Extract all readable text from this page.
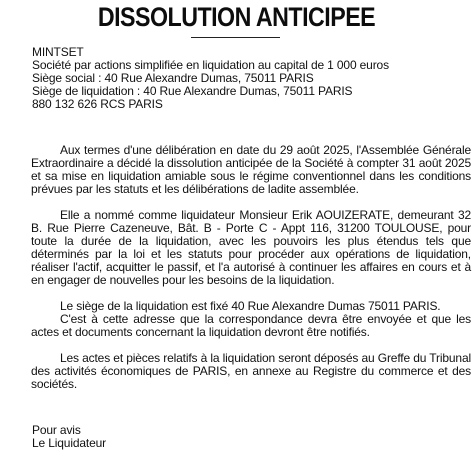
DISSOLUTION ANTICIPEE
MINTSET
Société par actions simplifiée en liquidation au capital de 1 000 euros
Siège social : 40 Rue Alexandre Dumas, 75011 PARIS
Siège de liquidation : 40 Rue Alexandre Dumas, 75011 PARIS
880 132 626 RCS PARIS

Aux termes d'une délibération en date du 29 août 2025, l'Assemblée Générale Extraordinaire a décidé la dissolution anticipée de la Société à compter 31 août 2025 et sa mise en liquidation amiable sous le régime conventionnel dans les conditions prévues par les statuts et les délibérations de ladite assemblée.

Elle a nommé comme liquidateur Monsieur Erik AOUIZERATE, demeurant 32 B. Rue Pierre Cazeneuve, Bât. B - Porte C - Appt 116, 31200 TOULOUSE, pour toute la durée de la liquidation, avec les pouvoirs les plus étendus tels que déterminés par la loi et les statuts pour procéder aux opérations de liquidation, réaliser l'actif, acquitter le passif, et l'a autorisé à continuer les affaires en cours et à en engager de nouvelles pour les besoins de la liquidation.

Le siège de la liquidation est fixé 40 Rue Alexandre Dumas 75011 PARIS.

C'est à cette adresse que la correspondance devra être envoyée et que les actes et documents concernant la liquidation devront être notifiés.

Les actes et pièces relatifs à la liquidation seront déposés au Greffe du Tribunal des activités économiques de PARIS, en annexe au Registre du commerce et des sociétés.

Pour avis
Le Liquidateur
